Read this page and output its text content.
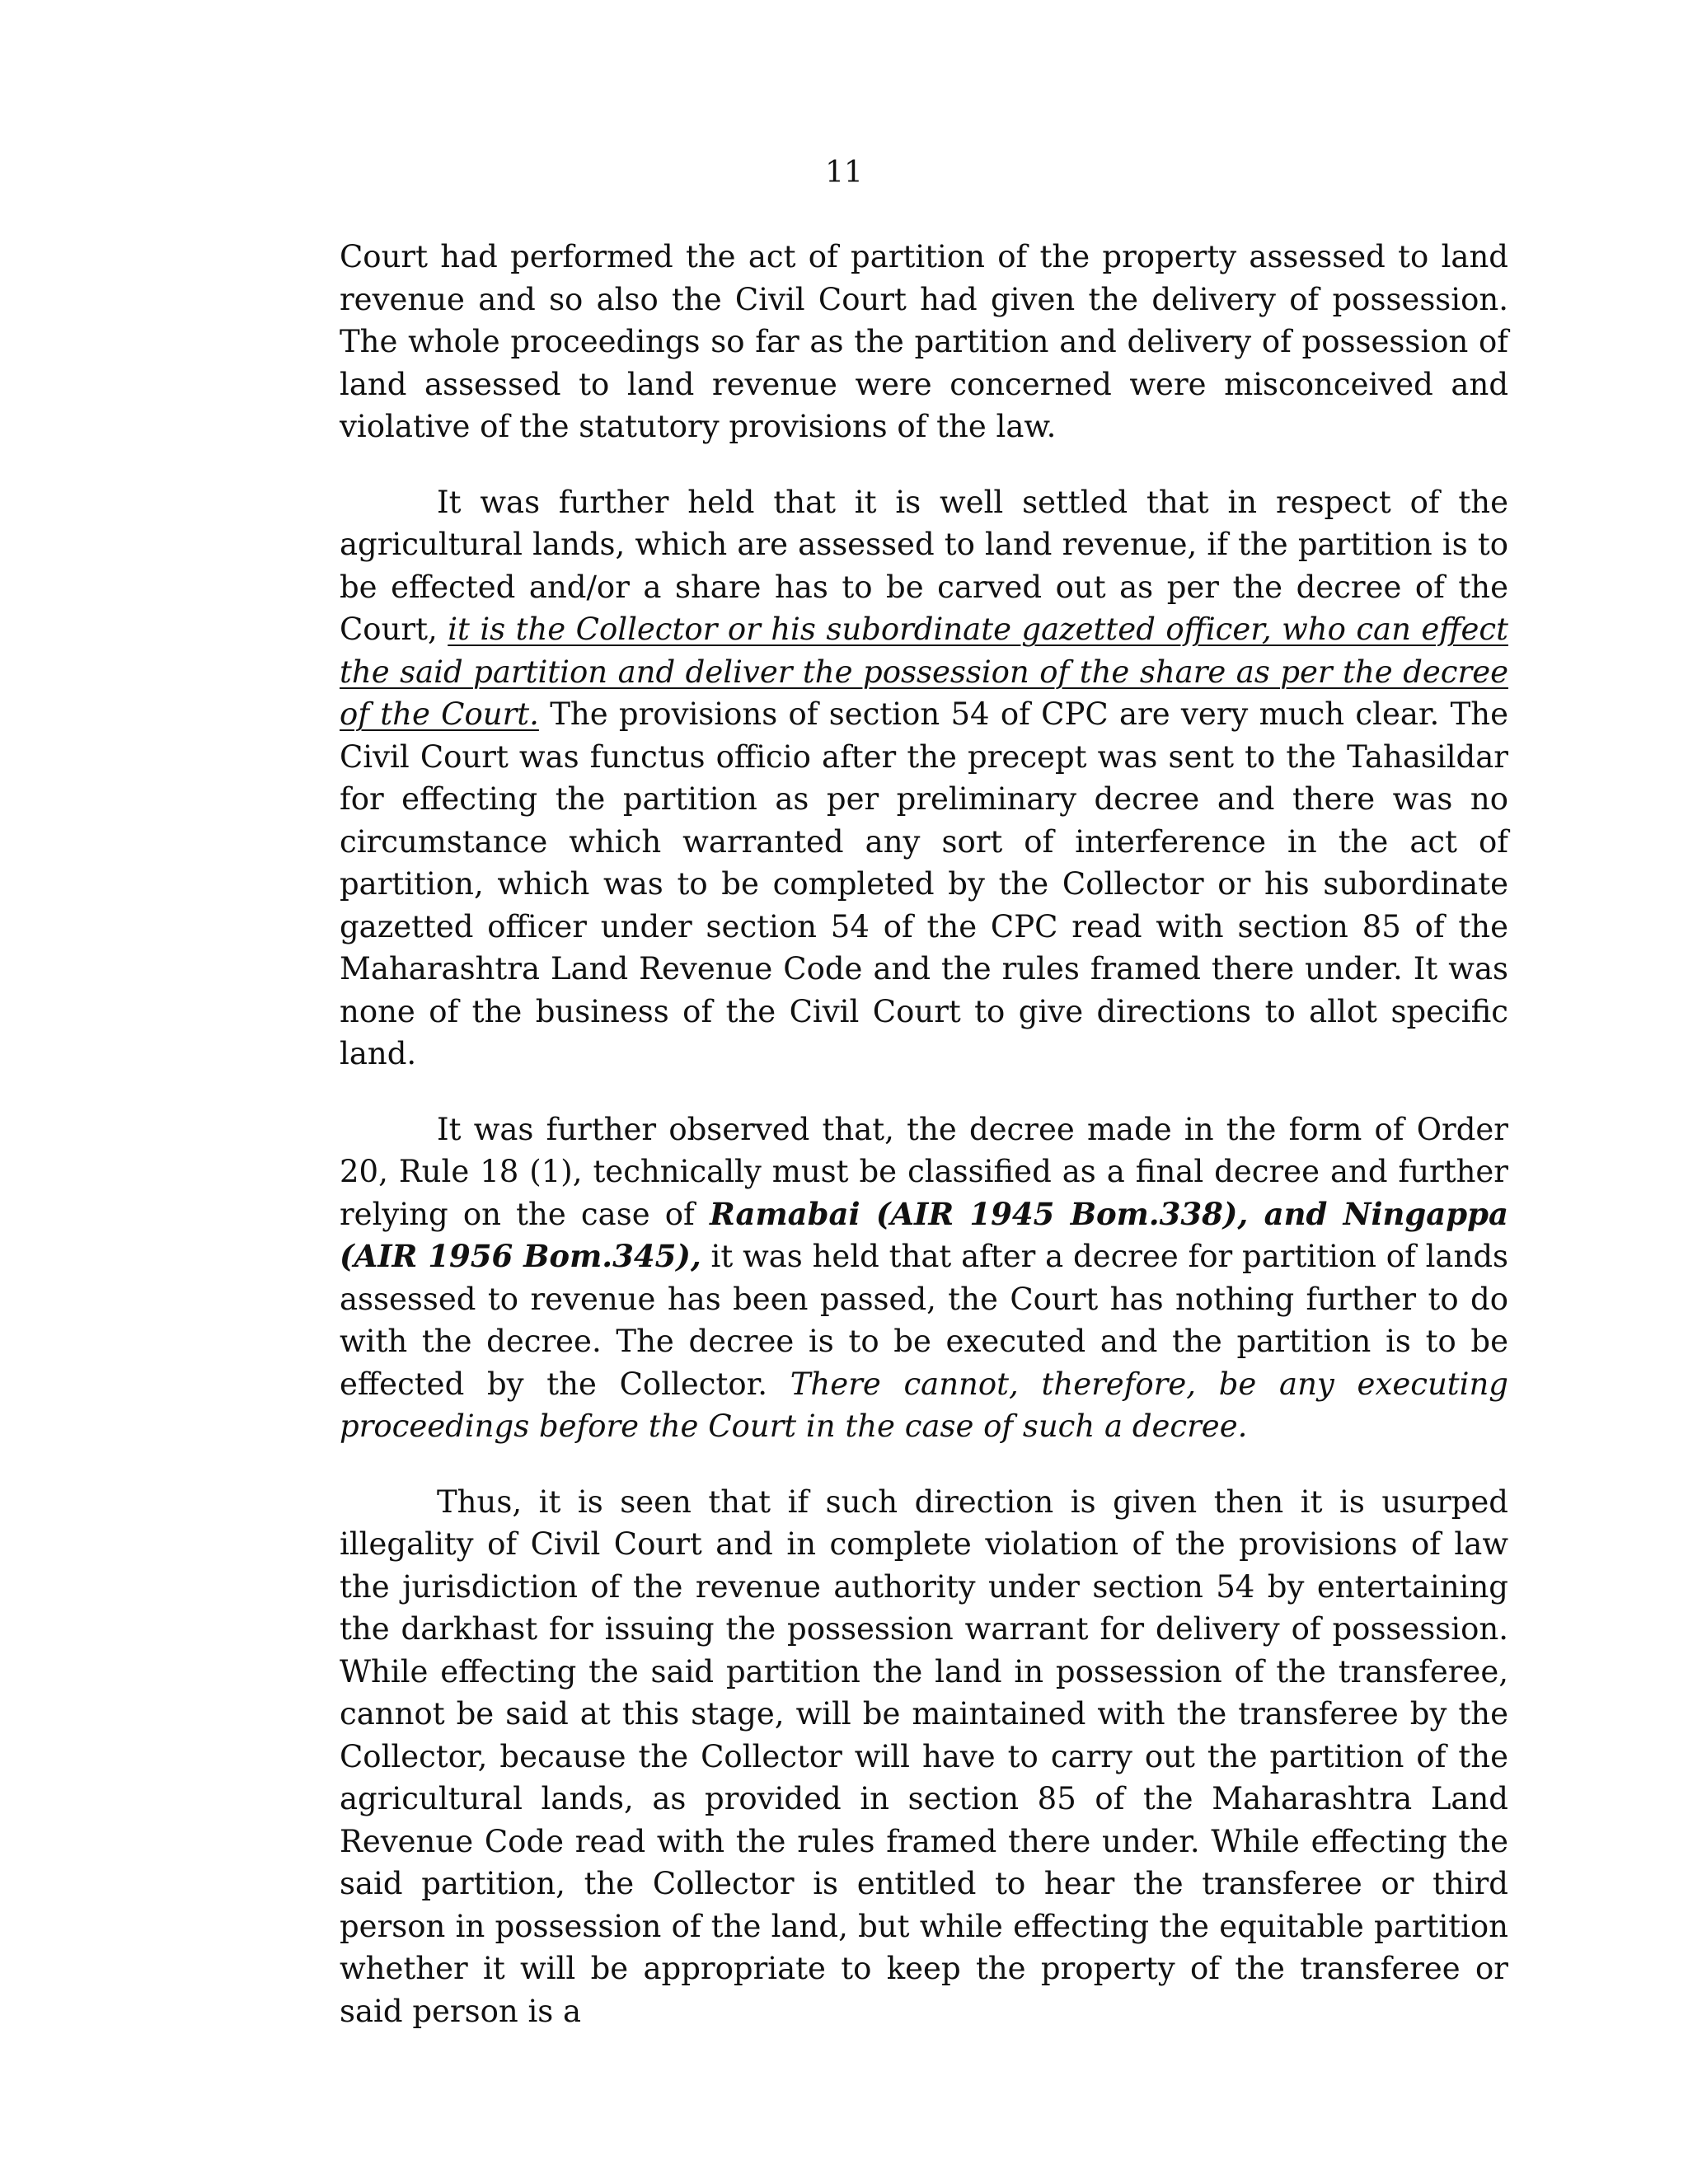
11

Court had performed the act of partition of the property assessed to land revenue and so also the Civil Court had given the delivery of possession. The whole proceedings so far as the partition and delivery of possession of land assessed to land revenue were concerned were misconceived and violative of the statutory provisions of the law.

It was further held that it is well settled that in respect of the agricultural lands, which are assessed to land revenue, if the partition is to be effected and/or a share has to be carved out as per the decree of the Court, it is the Collector or his subordinate gazetted officer, who can effect the said partition and deliver the possession of the share as per the decree of the Court. The provisions of section 54 of CPC are very much clear. The Civil Court was functus officio after the precept was sent to the Tahasildar for effecting the partition as per preliminary decree and there was no circumstance which warranted any sort of interference in the act of partition, which was to be completed by the Collector or his subordinate gazetted officer under section 54 of the CPC read with section 85 of the Maharashtra Land Revenue Code and the rules framed there under. It was none of the business of the Civil Court to give directions to allot specific land.

It was further observed that, the decree made in the form of Order 20, Rule 18 (1), technically must be classified as a final decree and further relying on the case of Ramabai (AIR 1945 Bom.338), and Ningappa (AIR 1956 Bom.345), it was held that after a decree for partition of lands assessed to revenue has been passed, the Court has nothing further to do with the decree. The decree is to be executed and the partition is to be effected by the Collector. There cannot, therefore, be any executing proceedings before the Court in the case of such a decree.

Thus, it is seen that if such direction is given then it is usurped illegality of Civil Court and in complete violation of the provisions of law the jurisdiction of the revenue authority under section 54 by entertaining the darkhast for issuing the possession warrant for delivery of possession. While effecting the said partition the land in possession of the transferee, cannot be said at this stage, will be maintained with the transferee by the Collector, because the Collector will have to carry out the partition of the agricultural lands, as provided in section 85 of the Maharashtra Land Revenue Code read with the rules framed there under. While effecting the said partition, the Collector is entitled to hear the transferee or third person in possession of the land, but while effecting the equitable partition whether it will be appropriate to keep the property of the transferee or said person is a
